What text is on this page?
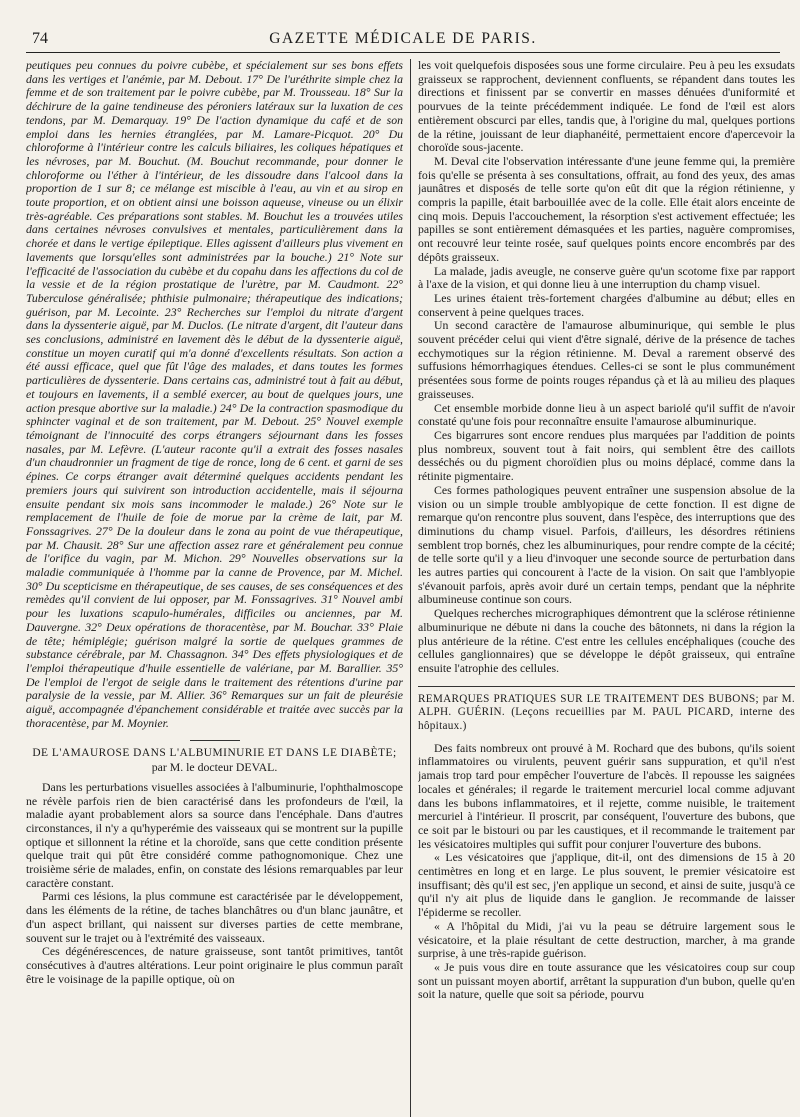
74	GAZETTE MÉDICALE DE PARIS.

peutiques peu connues du poivre cubèbe, et spécialement sur ses bons effets dans les vertiges et l'anémie, par M. Debout. 17° De l'uréthrite simple chez la femme et de son traitement par le poivre cubèbe, par M. Trousseau. 18° Sur la déchirure de la gaine tendineuse des péroniers latéraux sur la luxation de ces tendons, par M. Demarquay. 19° De l'action dynamique du café et de son emploi dans les hernies étranglées, par M. Lamare-Picquot. 20° Du chloroforme à l'intérieur contre les calculs biliaires, les coliques hépatiques et les névroses, par M. Bouchut. (M. Bouchut recommande, pour donner le chloroforme ou l'éther à l'intérieur, de les dissoudre dans l'alcool dans la proportion de 1 sur 8; ce mélange est miscible à l'eau, au vin et au sirop en toute proportion, et on obtient ainsi une boisson aqueuse, vineuse ou un élixir très-agréable. Ces préparations sont stables. M. Bouchut les a trouvées utiles dans certaines névroses convulsives et mentales, particulièrement dans la chorée et dans le vertige épileptique. Elles agissent d'ailleurs plus vivement en lavements que lorsqu'elles sont administrées par la bouche.) 21° Note sur l'efficacité de l'association du cubèbe et du copahu dans les affections du col de la vessie et de la région prostatique de l'urètre, par M. Caudmont. 22° Tuberculose généralisée; phthisie pulmonaire; thérapeutique des indications; guérison, par M. Lecointe. 23° Recherches sur l'emploi du nitrate d'argent dans la dyssenterie aiguë, par M. Duclos. (Le nitrate d'argent, dit l'auteur dans ses conclusions, administré en lavement dès le début de la dyssenterie aiguë, constitue un moyen curatif qui m'a donné d'excellents résultats. Son action a été aussi efficace, quel que fût l'âge des malades, et dans toutes les formes particulières de dyssenterie. Dans certains cas, administré tout à fait au début, et toujours en lavements, il a semblé exercer, au bout de quelques jours, une action presque abortive sur la maladie.) 24° De la contraction spasmodique du sphincter vaginal et de son traitement, par M. Debout. 25° Nouvel exemple témoignant de l'innocuité des corps étrangers séjournant dans les fosses nasales, par M. Lefèvre. (L'auteur raconte qu'il a extrait des fosses nasales d'un chaudronnier un fragment de tige de ronce, long de 6 cent. et garni de ses épines. Ce corps étranger avait déterminé quelques accidents pendant les premiers jours qui suivirent son introduction accidentelle, mais il séjourna ensuite pendant six mois sans incommoder le malade.) 26° Note sur le remplacement de l'huile de foie de morue par la crème de lait, par M. Fonssagrives. 27° De la douleur dans le zona au point de vue thérapeutique, par M. Chausit. 28° Sur une affection assez rare et généralement peu connue de l'orifice du vagin, par M. Michon. 29° Nouvelles observations sur la maladie communiquée à l'homme par la canne de Provence, par M. Michel. 30° Du scepticisme en thérapeutique, de ses causes, de ses conséquences et des remèdes qu'il convient de lui opposer, par M. Fonssagrives. 31° Nouvel ambi pour les luxations scapulo-humérales, difficiles ou anciennes, par M. Dauvergne. 32° Deux opérations de thoracentèse, par M. Bouchar. 33° Plaie de tête; hémiplégie; guérison malgré la sortie de quelques grammes de substance cérébrale, par M. Chassagnon. 34° Des effets physiologiques et de l'emploi thérapeutique d'huile essentielle de valériane, par M. Barallier. 35° De l'emploi de l'ergot de seigle dans le traitement des rétentions d'urine par paralysie de la vessie, par M. Allier. 36° Remarques sur un fait de pleurésie aiguë, accompagnée d'épanchement considérable et traitée avec succès par la thoracentèse, par M. Moynier.

DE L'AMAUROSE DANS L'ALBUMINURIE ET DANS LE DIABÈTE;
par M. le docteur DEVAL.

Dans les perturbations visuelles associées à l'albuminurie, l'ophthalmoscope ne révèle parfois rien de bien caractérisé dans les profondeurs de l'œil, la maladie ayant probablement alors sa source dans l'encéphale. Dans d'autres circonstances, il n'y a qu'hyperémie des vaisseaux qui se montrent sur la pupille optique et sillonnent la rétine et la choroïde, sans que cette condition présente quelque trait qui pût être considéré comme pathognomonique. Chez une troisième série de malades, enfin, on constate des lésions remarquables par leur caractère constant.

Parmi ces lésions, la plus commune est caractérisée par le développement, dans les éléments de la rétine, de taches blanchâtres ou d'un blanc jaunâtre, et d'un aspect brillant, qui naissent sur diverses parties de cette membrane, souvent sur le trajet ou à l'extrémité des vaisseaux.

Ces dégénérescences, de nature graisseuse, sont tantôt primitives, tantôt consécutives à d'autres altérations. Leur point originaire le plus commun paraît être le voisinage de la papille optique, où on

les voit quelquefois disposées sous une forme circulaire. Peu à peu les exsudats graisseux se rapprochent, deviennent confluents, se répandent dans toutes les directions et finissent par se convertir en masses dénuées d'uniformité et pourvues de la teinte précédemment indiquée. Le fond de l'œil est alors entièrement obscurci par elles, tandis que, à l'origine du mal, quelques portions de la rétine, jouissant de leur diaphanéité, permettaient encore d'apercevoir la choroïde sous-jacente.

M. Deval cite l'observation intéressante d'une jeune femme qui, la première fois qu'elle se présenta à ses consultations, offrait, au fond des yeux, des amas jaunâtres et disposés de telle sorte qu'on eût dit que la région rétinienne, y compris la papille, était barbouillée avec de la colle. Elle était alors enceinte de cinq mois. Depuis l'accouchement, la résorption s'est activement effectuée; les papilles se sont entièrement démasquées et les parties, naguère compromises, ont recouvré leur teinte rosée, sauf quelques points encore encombrés par des dépôts graisseux.

La malade, jadis aveugle, ne conserve guère qu'un scotome fixe par rapport à l'axe de la vision, et qui donne lieu à une interruption du champ visuel.

Les urines étaient très-fortement chargées d'albumine au début; elles en conservent à peine quelques traces.

Un second caractère de l'amaurose albuminurique, qui semble le plus souvent précéder celui qui vient d'être signalé, dérive de la présence de taches ecchymotiques sur la région rétinienne. M. Deval a rarement observé des suffusions hémorrhagiques étendues. Celles-ci se sont le plus communément présentées sous forme de points rouges répandus çà et là au milieu des plaques graisseuses.

Cet ensemble morbide donne lieu à un aspect bariolé qu'il suffit de n'avoir constaté qu'une fois pour reconnaître ensuite l'amaurose albuminurique.

Ces bigarrures sont encore rendues plus marquées par l'addition de points plus nombreux, souvent tout à fait noirs, qui semblent être des caillots desséchés ou du pigment choroïdien plus ou moins déplacé, comme dans la rétinite pigmentaire.

Ces formes pathologiques peuvent entraîner une suspension absolue de la vision ou un simple trouble amblyopique de cette fonction. Il est digne de remarque qu'on rencontre plus souvent, dans l'espèce, des interruptions que des diminutions du champ visuel. Parfois, d'ailleurs, les désordres rétiniens semblent trop bornés, chez les albuminuriques, pour rendre compte de la cécité; de telle sorte qu'il y a lieu d'invoquer une seconde source de perturbation dans les autres parties qui concourent à l'acte de la vision. On sait que l'amblyopie s'évanouit parfois, après avoir duré un certain temps, pendant que la néphrite albumineuse continue son cours.

Quelques recherches micrographiques démontrent que la sclérose rétinienne albuminurique ne débute ni dans la couche des bâtonnets, ni dans la région la plus antérieure de la rétine. C'est entre les cellules encéphaliques (couche des cellules ganglionnaires) que se développe le dépôt graisseux, qui entraîne ensuite l'atrophie des cellules.

REMARQUES PRATIQUES SUR LE TRAITEMENT DES BUBONS; par M. ALPH. GUÉRIN. (Leçons recueillies par M. PAUL PICARD, interne des hôpitaux.)

Des faits nombreux ont prouvé à M. Rochard que des bubons, qu'ils soient inflammatoires ou virulents, peuvent guérir sans suppuration, et qu'il n'est jamais trop tard pour empêcher l'ouverture de l'abcès. Il repousse les saignées locales et générales; il regarde le traitement mercuriel local comme adjuvant dans les bubons inflammatoires, et il rejette, comme nuisible, le traitement mercuriel à l'intérieur. Il proscrit, par conséquent, l'ouverture des bubons, que ce soit par le bistouri ou par les caustiques, et il recommande le traitement par les vésicatoires multiples qui suffit pour conjurer l'ouverture des bubons.

« Les vésicatoires que j'applique, dit-il, ont des dimensions de 15 à 20 centimètres en long et en large. Le plus souvent, le premier vésicatoire est insuffisant; dès qu'il est sec, j'en applique un second, et ainsi de suite, jusqu'à ce qu'il n'y ait plus de liquide dans le ganglion. Je recommande de laisser l'épiderme se recoller.

« A l'hôpital du Midi, j'ai vu la peau se détruire largement sous le vésicatoire, et la plaie résultant de cette destruction, marcher, à ma grande surprise, à une très-rapide guérison.

« Je puis vous dire en toute assurance que les vésicatoires coup sur coup sont un puissant moyen abortif, arrêtant la suppuration d'un bubon, quelle qu'en soit la nature, quelle que soit sa période, pourvu
